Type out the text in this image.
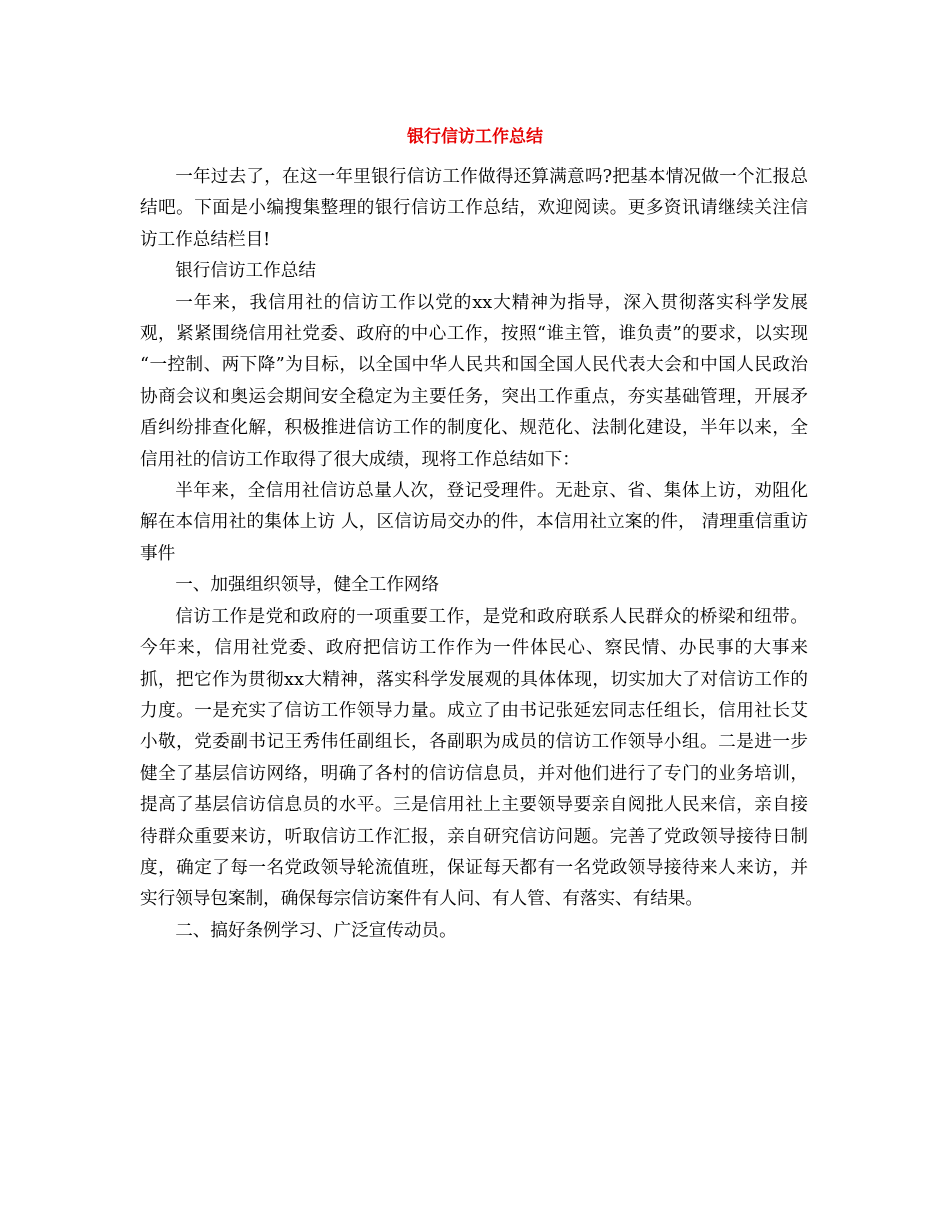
银行信访工作总结

一年过去了，在这一年里银行信访工作做得还算满意吗?把基本情况做一个汇报总结吧。下面是小编搜集整理的银行信访工作总结，欢迎阅读。更多资讯请继续关注信访工作总结栏目!

银行信访工作总结

一年来，我信用社的信访工作以党的xx大精神为指导，深入贯彻落实科学发展观，紧紧围绕信用社党委、政府的中心工作，按照“谁主管，谁负责”的要求，以实现 “一控制、两下降”为目标，以全国中华人民共和国全国人民代表大会和中国人民政治协商会议和奥运会期间安全稳定为主要任务，突出工作重点，夯实基础管理，开展矛盾纠纷排查化解，积极推进信访工作的制度化、规范化、法制化建设，半年以来，全信用社的信访工作取得了很大成绩，现将工作总结如下：

半年来，全信用社信访总量人次，登记受理件。无赴京、省、集体上访，劝阻化解在本信用社的集体上访 人，区信访局交办的件，本信用社立案的件， 清理重信重访事件

一、加强组织领导，健全工作网络

信访工作是党和政府的一项重要工作，是党和政府联系人民群众的桥梁和纽带。今年来，信用社党委、政府把信访工作作为一件体民心、察民情、办民事的大事来抓，把它作为贯彻xx大精神，落实科学发展观的具体体现，切实加大了对信访工作的力度。一是充实了信访工作领导力量。成立了由书记张延宏同志任组长，信用社长艾小敬，党委副书记王秀伟任副组长，各副职为成员的信访工作领导小组。二是进一步健全了基层信访网络，明确了各村的信访信息员，并对他们进行了专门的业务培训，提高了基层信访信息员的水平。三是信用社上主要领导要亲自阅批人民来信，亲自接待群众重要来访，听取信访工作汇报，亲自研究信访问题。完善了党政领导接待日制度，确定了每一名党政领导轮流值班，保证每天都有一名党政领导接待来人来访，并实行领导包案制，确保每宗信访案件有人问、有人管、有落实、有结果。

二、搞好条例学习、广泛宣传动员。
